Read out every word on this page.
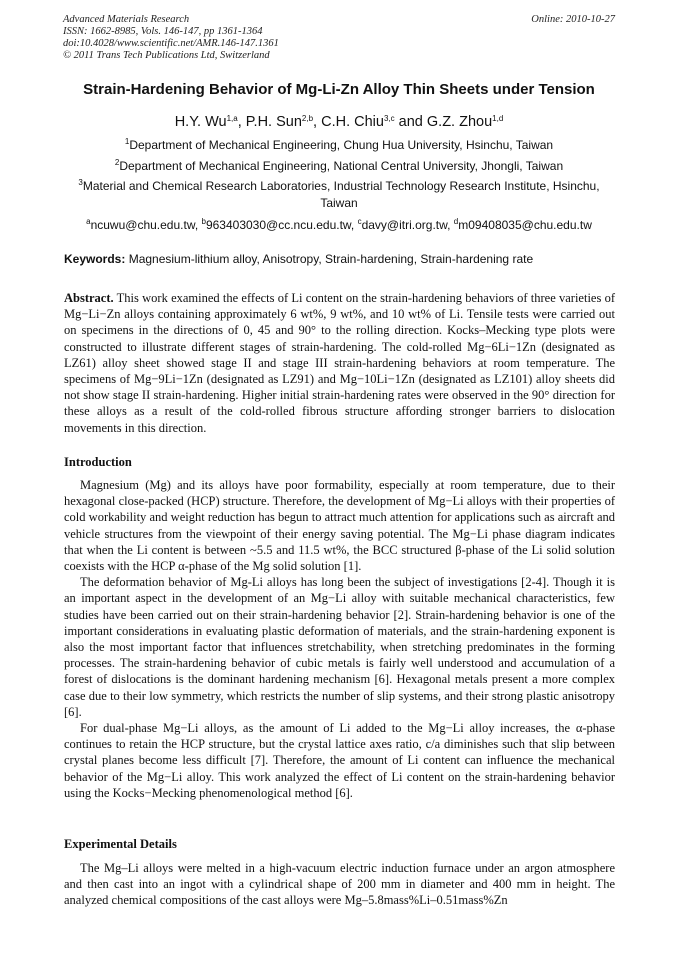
Advanced Materials Research
ISSN: 1662-8985, Vols. 146-147, pp 1361-1364
doi:10.4028/www.scientific.net/AMR.146-147.1361
© 2011 Trans Tech Publications Ltd, Switzerland
Online: 2010-10-27
Strain-Hardening Behavior of Mg-Li-Zn Alloy Thin Sheets under Tension
H.Y. Wu$^{1,a}$, P.H. Sun$^{2,b}$, C.H. Chiu$^{3,c}$ and G.Z. Zhou$^{1,d}$

$^1$Department of Mechanical Engineering, Chung Hua University, Hsinchu, Taiwan

$^2$Department of Mechanical Engineering, National Central University, Jhongli, Taiwan

$^3$Material and Chemical Research Laboratories, Industrial Technology Research Institute, Hsinchu, Taiwan

$^a$ncuwu@chu.edu.tw, $^b$963403030@cc.ncu.edu.tw, $^c$davy@itri.org.tw, $^d$m09408035@chu.edu.tw

Keywords: Magnesium-lithium alloy, Anisotropy, Strain-hardening, Strain-hardening rate

Abstract. This work examined the effects of Li content on the strain-hardening behaviors of three varieties of Mg−Li−Zn alloys containing approximately 6 wt%, 9 wt%, and 10 wt% of Li. Tensile tests were carried out on specimens in the directions of 0, 45 and 90° to the rolling direction. Kocks–Mecking type plots were constructed to illustrate different stages of strain-hardening. The cold-rolled Mg−6Li−1Zn (designated as LZ61) alloy sheet showed stage II and stage III strain-hardening behaviors at room temperature. The specimens of Mg−9Li−1Zn (designated as LZ91) and Mg−10Li−1Zn (designated as LZ101) alloy sheets did not show stage II strain-hardening. Higher initial strain-hardening rates were observed in the 90° direction for these alloys as a result of the cold-rolled fibrous structure affording stronger barriers to dislocation movements in this direction.

Introduction

Magnesium (Mg) and its alloys have poor formability, especially at room temperature, due to their hexagonal close-packed (HCP) structure. Therefore, the development of Mg−Li alloys with their properties of cold workability and weight reduction has begun to attract much attention for applications such as aircraft and vehicle structures from the viewpoint of their energy saving potential. The Mg−Li phase diagram indicates that when the Li content is between ~5.5 and 11.5 wt%, the BCC structured β-phase of the Li solid solution coexists with the HCP α-phase of the Mg solid solution [1].

The deformation behavior of Mg-Li alloys has long been the subject of investigations [2-4]. Though it is an important aspect in the development of an Mg−Li alloy with suitable mechanical characteristics, few studies have been carried out on their strain-hardening behavior [2]. Strain-hardening behavior is one of the important considerations in evaluating plastic deformation of materials, and the strain-hardening exponent is also the most important factor that influences stretchability, when stretching predominates in the forming processes. The strain-hardening behavior of cubic metals is fairly well understood and accumulation of a forest of dislocations is the dominant hardening mechanism [6]. Hexagonal metals present a more complex case due to their low symmetry, which restricts the number of slip systems, and their strong plastic anisotropy [6].

For dual-phase Mg−Li alloys, as the amount of Li added to the Mg−Li alloy increases, the α-phase continues to retain the HCP structure, but the crystal lattice axes ratio, c/a diminishes such that slip between crystal planes become less difficult [7]. Therefore, the amount of Li content can influence the mechanical behavior of the Mg−Li alloy. This work analyzed the effect of Li content on the strain-hardening behavior using the Kocks−Mecking phenomenological method [6].

Experimental Details

The Mg–Li alloys were melted in a high-vacuum electric induction furnace under an argon atmosphere and then cast into an ingot with a cylindrical shape of 200 mm in diameter and 400 mm in height. The analyzed chemical compositions of the cast alloys were Mg–5.8mass%Li–0.51mass%Zn
